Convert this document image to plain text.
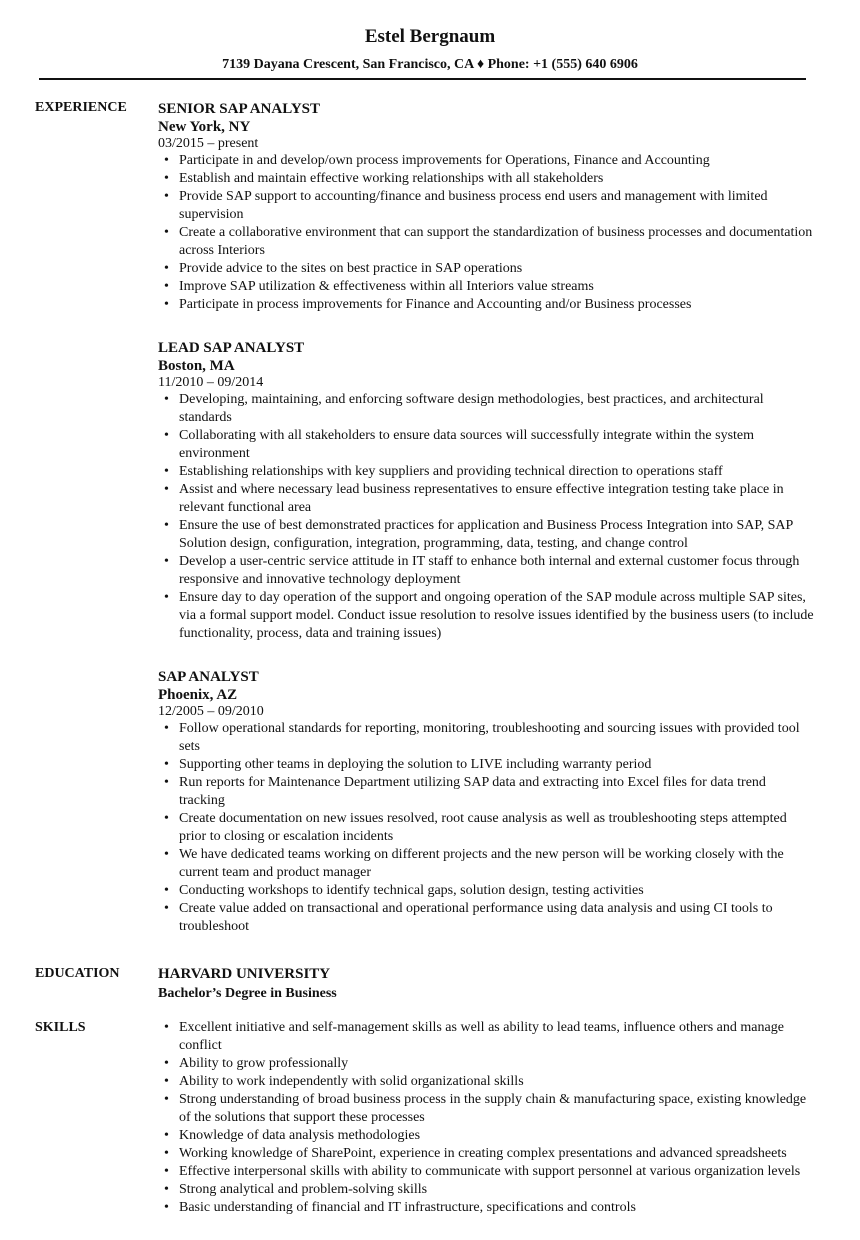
Estel Bergnaum
7139 Dayana Crescent, San Francisco, CA ♦ Phone: +1 (555) 640 6906
EXPERIENCE	SENIOR SAP ANALYST
New York, NY
03/2015 – present
• Participate in and develop/own process improvements for Operations, Finance and Accounting
• Establish and maintain effective working relationships with all stakeholders
• Provide SAP support to accounting/finance and business process end users and management with limited supervision
• Create a collaborative environment that can support the standardization of business processes and documentation across Interiors
• Provide advice to the sites on best practice in SAP operations
• Improve SAP utilization & effectiveness within all Interiors value streams
• Participate in process improvements for Finance and Accounting and/or Business processes
LEAD SAP ANALYST
Boston, MA
11/2010 – 09/2014
• Developing, maintaining, and enforcing software design methodologies, best practices, and architectural standards
• Collaborating with all stakeholders to ensure data sources will successfully integrate within the system environment
• Establishing relationships with key suppliers and providing technical direction to operations staff
• Assist and where necessary lead business representatives to ensure effective integration testing take place in relevant functional area
• Ensure the use of best demonstrated practices for application and Business Process Integration into SAP, SAP Solution design, configuration, integration, programming, data, testing, and change control
• Develop a user-centric service attitude in IT staff to enhance both internal and external customer focus through responsive and innovative technology deployment
• Ensure day to day operation of the support and ongoing operation of the SAP module across multiple SAP sites, via a formal support model. Conduct issue resolution to resolve issues identified by the business users (to include functionality, process, data and training issues)
SAP ANALYST
Phoenix, AZ
12/2005 – 09/2010
• Follow operational standards for reporting, monitoring, troubleshooting and sourcing issues with provided tool sets
• Supporting other teams in deploying the solution to LIVE including warranty period
• Run reports for Maintenance Department utilizing SAP data and extracting into Excel files for data trend tracking
• Create documentation on new issues resolved, root cause analysis as well as troubleshooting steps attempted prior to closing or escalation incidents
• We have dedicated teams working on different projects and the new person will be working closely with the current team and product manager
• Conducting workshops to identify technical gaps, solution design, testing activities
• Create value added on transactional and operational performance using data analysis and using CI tools to troubleshoot
EDUCATION	HARVARD UNIVERSITY
Bachelor’s Degree in Business
SKILLS
•	Excellent initiative and self-management skills as well as ability to lead teams, influence others and manage conflict
• Ability to grow professionally
• Ability to work independently with solid organizational skills
• Strong understanding of broad business process in the supply chain & manufacturing space, existing knowledge of the solutions that support these processes
• Knowledge of data analysis methodologies
• Working knowledge of SharePoint, experience in creating complex presentations and advanced spreadsheets
• Effective interpersonal skills with ability to communicate with support personnel at various organization levels
• Strong analytical and problem-solving skills
• Basic understanding of financial and IT infrastructure, specifications and controls
